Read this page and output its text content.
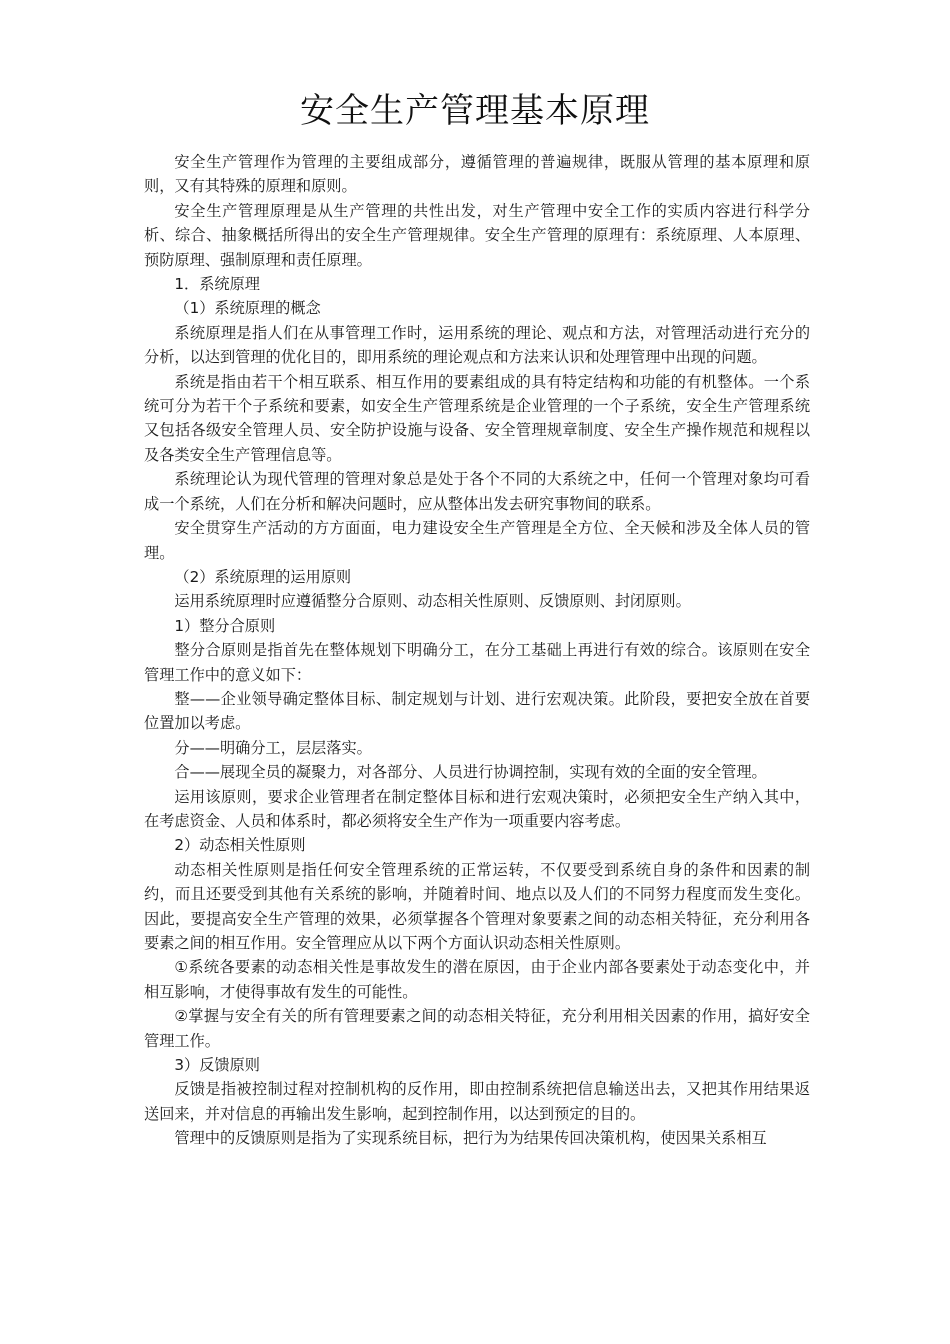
安全生产管理基本原理

安全生产管理作为管理的主要组成部分，遵循管理的普遍规律，既服从管理的基本原理和原则，又有其特殊的原理和原则。

安全生产管理原理是从生产管理的共性出发，对生产管理中安全工作的实质内容进行科学分析、综合、抽象概括所得出的安全生产管理规律。安全生产管理的原理有：系统原理、人本原理、预防原理、强制原理和责任原理。

1．系统原理

（1）系统原理的概念

系统原理是指人们在从事管理工作时，运用系统的理论、观点和方法，对管理活动进行充分的分析，以达到管理的优化目的，即用系统的理论观点和方法来认识和处理管理中出现的问题。

系统是指由若干个相互联系、相互作用的要素组成的具有特定结构和功能的有机整体。一个系统可分为若干个子系统和要素，如安全生产管理系统是企业管理的一个子系统，安全生产管理系统又包括各级安全管理人员、安全防护设施与设备、安全管理规章制度、安全生产操作规范和规程以及各类安全生产管理信息等。

系统理论认为现代管理的管理对象总是处于各个不同的大系统之中，任何一个管理对象均可看成一个系统，人们在分析和解决问题时，应从整体出发去研究事物间的联系。

安全贯穿生产活动的方方面面，电力建设安全生产管理是全方位、全天候和涉及全体人员的管理。

（2）系统原理的运用原则

运用系统原理时应遵循整分合原则、动态相关性原则、反馈原则、封闭原则。

1）整分合原则

整分合原则是指首先在整体规划下明确分工，在分工基础上再进行有效的综合。该原则在安全管理工作中的意义如下：

整——企业领导确定整体目标、制定规划与计划、进行宏观决策。此阶段，要把安全放在首要位置加以考虑。

分——明确分工，层层落实。

合——展现全员的凝聚力，对各部分、人员进行协调控制，实现有效的全面的安全管理。

运用该原则，要求企业管理者在制定整体目标和进行宏观决策时，必须把安全生产纳入其中，在考虑资金、人员和体系时，都必须将安全生产作为一项重要内容考虑。

2）动态相关性原则

动态相关性原则是指任何安全管理系统的正常运转，不仅要受到系统自身的条件和因素的制约，而且还要受到其他有关系统的影响，并随着时间、地点以及人们的不同努力程度而发生变化。因此，要提高安全生产管理的效果，必须掌握各个管理对象要素之间的动态相关特征，充分利用各要素之间的相互作用。安全管理应从以下两个方面认识动态相关性原则。

①系统各要素的动态相关性是事故发生的潜在原因，由于企业内部各要素处于动态变化中，并相互影响，才使得事故有发生的可能性。

②掌握与安全有关的所有管理要素之间的动态相关特征，充分利用相关因素的作用，搞好安全管理工作。

3）反馈原则

反馈是指被控制过程对控制机构的反作用，即由控制系统把信息输送出去，又把其作用结果返送回来，并对信息的再输出发生影响，起到控制作用，以达到预定的目的。

管理中的反馈原则是指为了实现系统目标，把行为为结果传回决策机构，使因果关系相互
